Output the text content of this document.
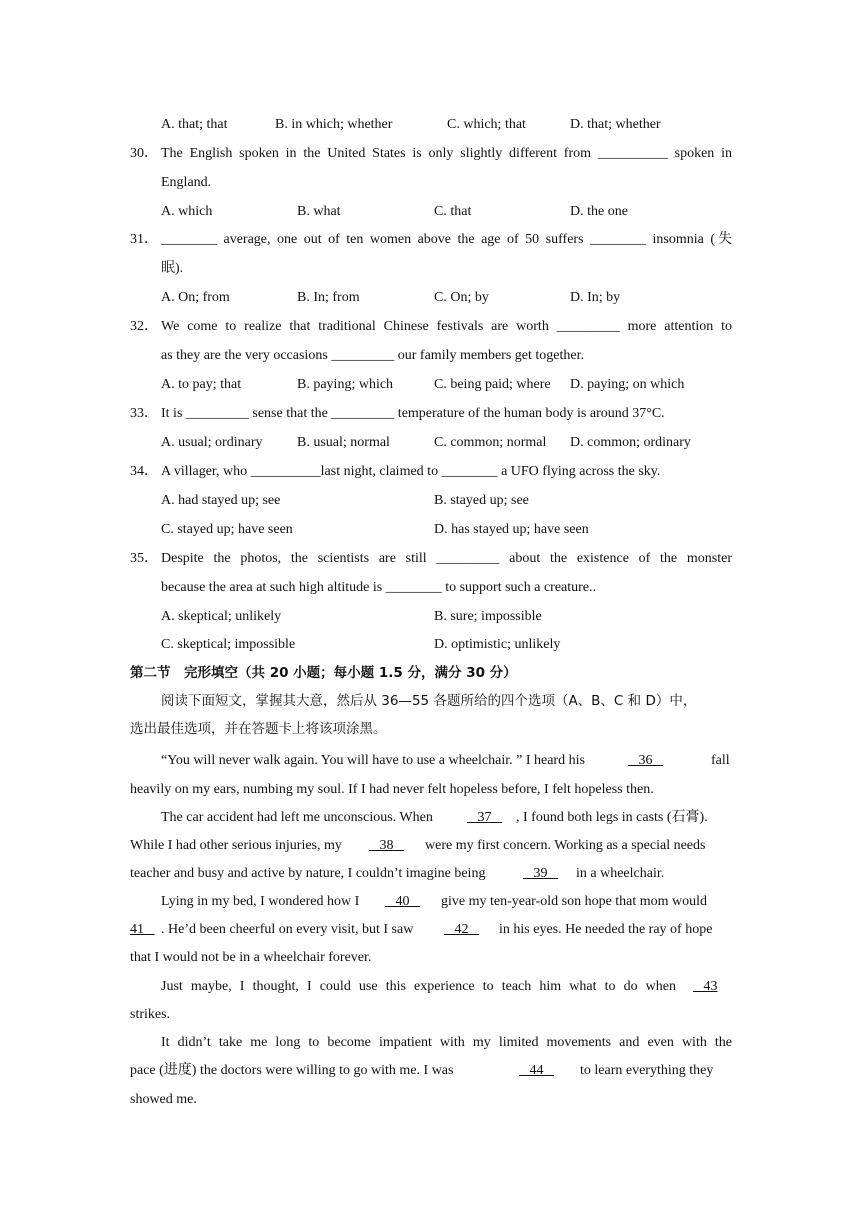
A. that; that	B. in which; whether	C. which; that	D. that; whether
30． The English spoken in the United States is only slightly different from __________ spoken in
England.
A. which	B. what	C. that	D. the one
31． ________ average, one out of ten women above the age of 50 suffers ________ insomnia (失
眠).
A. On; from	B. In; from	C. On; by	D. In; by
32． We come to realize that traditional Chinese festivals are worth _________ more attention to
as they are the very occasions _________ our family members get together.
A. to pay; that	B. paying; which	C. being paid; where D. paying; on which
33． It is _________ sense that the _________ temperature of the human body is around 37°C.
A. usual; ordinary B. usual; normal	C. common; normal D. common; ordinary
34． A villager, who __________last night, claimed to ________ a UFO flying across the sky.
A. had stayed up; see	B. stayed up; see
C. stayed up; have seen	D. has stayed up; have seen
35． Despite the photos, the scientists are still _________ about the existence of the monster
because the area at such high altitude is ________ to support such a creature..
A. skeptical; unlikely	B. sure; impossible
C. skeptical; impossible	D. optimistic; unlikely
第二节　完形填空（共 20 小题；每小题 1.5 分，满分 30 分）
阅读下面短文，掌握其大意，然后从 36—55 各题所给的四个选项（A、B、C 和 D）中，
选出最佳选项，并在答题卡上将该项涂黑。
“You will never walk again. You will have to use a wheelchair. ” I heard his	36	fall
heavily on my ears, numbing my soul. If I had never felt hopeless before, I felt hopeless then.
The car accident had left me unconscious. When	37	, I found both legs in casts (石膏).
While I had other serious injuries, my	38	were my first concern. Working as a special needs
teacher and busy and active by nature, I couldn’t imagine being	39	in a wheelchair.
Lying in my bed, I wondered how I	40	give my ten-year-old son hope that mom would
41	. He’d been cheerful on every visit, but I saw	42	in his eyes. He needed the ray of hope
that I would not be in a wheelchair forever.
Just maybe, I thought, I could use this experience to teach him what to do when	43
strikes.
It didn’t take me long to become impatient with my limited movements and even with the
pace (进度) the doctors were willing to go with me. I was	44	to learn everything they
showed me.
